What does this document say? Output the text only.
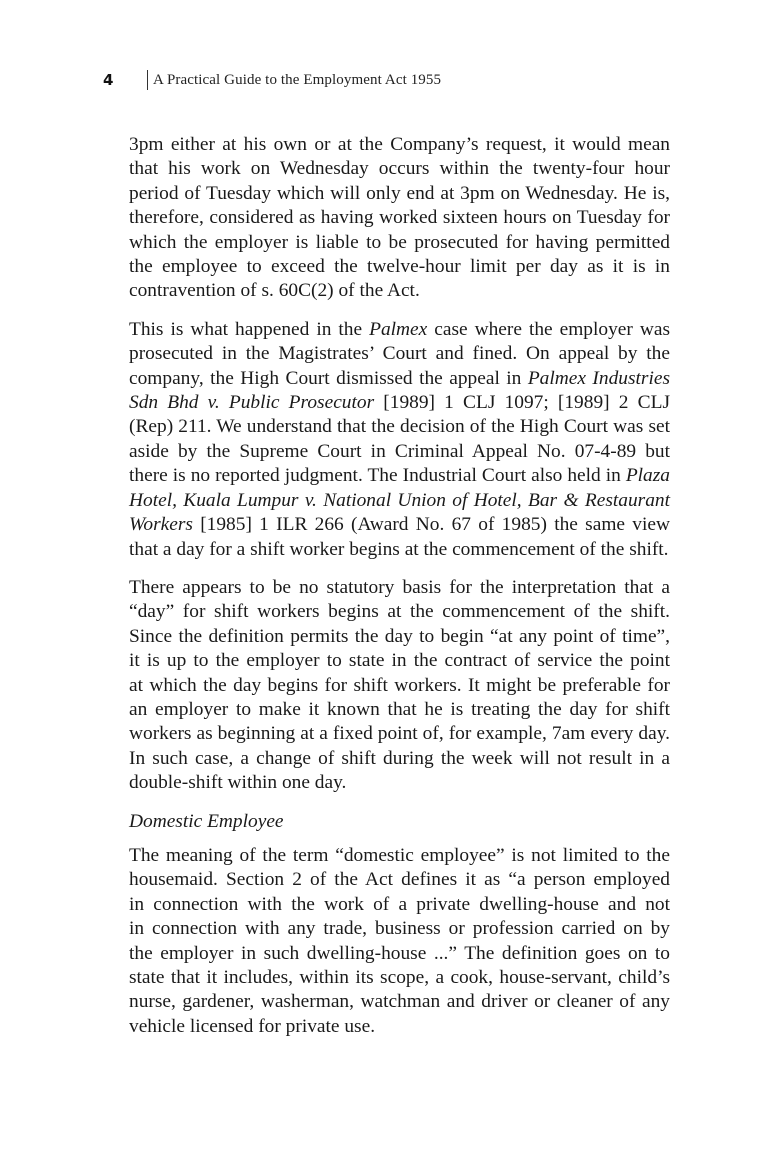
4	A Practical Guide to the Employment Act 1955
3pm either at his own or at the Company’s request, it would mean
that his work on Wednesday occurs within the twenty-four hour
period of Tuesday which will only end at 3pm on Wednesday. He is,
therefore, considered as having worked sixteen hours on Tuesday for
which the employer is liable to be prosecuted for having permitted
the employee to exceed the twelve-hour limit per day as it is in
contravention of s. 60C(2) of the Act.
This is what happened in the Palmex case where the employer was prosecuted in the Magistrates’ Court and fined. On appeal by the company, the High Court dismissed the appeal in Palmex Industries Sdn Bhd v. Public Prosecutor [1989] 1 CLJ 1097; [1989] 2 CLJ (Rep) 211. We understand that the decision of the High Court was set aside by the Supreme Court in Criminal Appeal No. 07-4-89 but there is no reported judgment. The Industrial Court also held in Plaza Hotel, Kuala Lumpur v. National Union of Hotel, Bar & Restaurant Workers [1985] 1 ILR 266 (Award No. 67 of 1985) the same view that a day for a shift worker begins at the commencement of the shift.
There appears to be no statutory basis for the interpretation that a
“day” for shift workers begins at the commencement of the shift.
Since the definition permits the day to begin “at any point of time”,
it is up to the employer to state in the contract of service the point
at which the day begins for shift workers. It might be preferable for
an employer to make it known that he is treating the day for shift
workers as beginning at a fixed point of, for example, 7am every day.
In such case, a change of shift during the week will not result in a
double-shift within one day.
Domestic Employee
The meaning of the term “domestic employee” is not limited to the
housemaid. Section 2 of the Act defines it as “a person employed
in connection with the work of a private dwelling-house and not
in connection with any trade, business or profession carried on by
the employer in such dwelling-house ...” The definition goes on to
state that it includes, within its scope, a cook, house-servant, child’s
nurse, gardener, washerman, watchman and driver or cleaner of any
vehicle licensed for private use.
